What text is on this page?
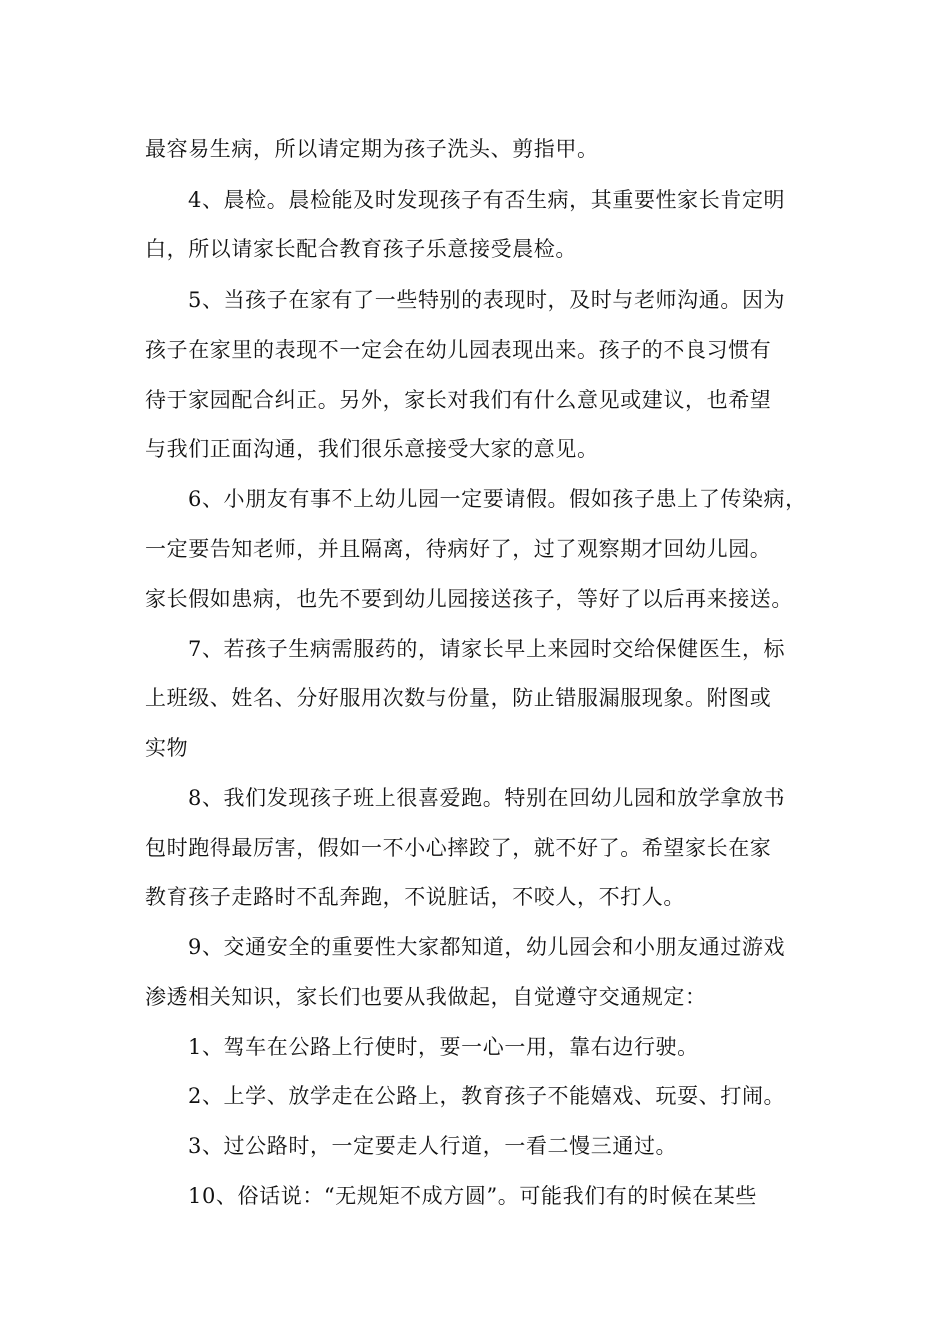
最容易生病，所以请定期为孩子洗头、剪指甲。
4、晨检。晨检能及时发现孩子有否生病，其重要性家长肯定明
白，所以请家长配合教育孩子乐意接受晨检。
5、当孩子在家有了一些特别的表现时，及时与老师沟通。因为
孩子在家里的表现不一定会在幼儿园表现出来。孩子的不良习惯有
待于家园配合纠正。另外，家长对我们有什么意见或建议，也希望
与我们正面沟通，我们很乐意接受大家的意见。
6、小朋友有事不上幼儿园一定要请假。假如孩子患上了传染病，
一定要告知老师，并且隔离，待病好了，过了观察期才回幼儿园。
家长假如患病，也先不要到幼儿园接送孩子，等好了以后再来接送。
7、若孩子生病需服药的，请家长早上来园时交给保健医生，标
上班级、姓名、分好服用次数与份量，防止错服漏服现象。附图或
实物
8、我们发现孩子班上很喜爱跑。特别在回幼儿园和放学拿放书
包时跑得最厉害，假如一不小心摔跤了，就不好了。希望家长在家
教育孩子走路时不乱奔跑，不说脏话，不咬人，不打人。
9、交通安全的重要性大家都知道，幼儿园会和小朋友通过游戏
渗透相关知识，家长们也要从我做起，自觉遵守交通规定：
1、驾车在公路上行使时，要一心一用，靠右边行驶。
2、上学、放学走在公路上，教育孩子不能嬉戏、玩耍、打闹。
3、过公路时，一定要走人行道，一看二慢三通过。
10、俗话说：“无规矩不成方圆”。可能我们有的时候在某些
